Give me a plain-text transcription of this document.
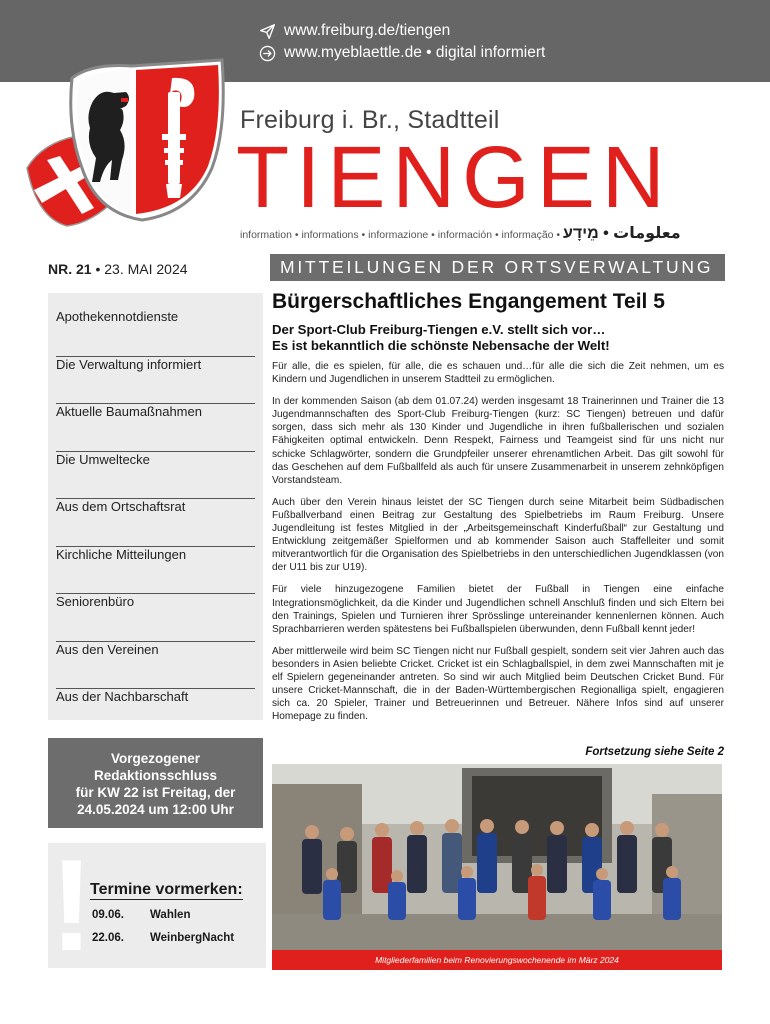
www.freiburg.de/tiengen
www.myeblaettle.de • digital informiert
Freiburg i. Br., Stadtteil
TIENGEN
information • informations • informazione • información • informação • معلومات • מֵידָע
NR. 21 • 23. MAI 2024	MITTEILUNGEN DER ORTSVERWALTUNG
Apothekennotdienste
Die Verwaltung informiert
Aktuelle Baumaßnahmen
Die Umweltecke
Aus dem Ortschaftsrat
Kirchliche Mitteilungen
Seniorenbüro
Aus den Vereinen
Aus der Nachbarschaft
Vorgezogener
Redaktionsschluss
für KW 22 ist Freitag, der
24.05.2024 um 12:00 Uhr
!
Termine vormerken:
09.06.	Wahlen
22.06.	WeinbergNacht
Bürgerschaftliches Engangement Teil 5
Der Sport-Club Freiburg-Tiengen e.V. stellt sich vor…
Es ist bekanntlich die schönste Nebensache der Welt!

Für alle, die es spielen, für alle, die es schauen und…für alle die sich die Zeit nehmen, um es Kindern und Jugendlichen in unserem Stadtteil zu ermöglichen.

In der kommenden Saison (ab dem 01.07.24) werden insgesamt 18 Trainerinnen und Trainer die 13 Jugendmannschaften des Sport-Club Freiburg-Tiengen (kurz: SC Tiengen) betreuen und dafür sorgen, dass sich mehr als 130 Kinder und Jugendliche in ihren fußballerischen und sozialen Fähigkeiten optimal entwickeln. Denn Respekt, Fairness und Teamgeist sind für uns nicht nur schicke Schlagwörter, sondern die Grundpfeiler unserer ehrenamtlichen Arbeit. Das gilt sowohl für das Geschehen auf dem Fußballfeld als auch für unsere Zusammenarbeit in unserem zehnköpfigen Vorstandsteam.

Auch über den Verein hinaus leistet der SC Tiengen durch seine Mitarbeit beim Südbadischen Fußballverband einen Beitrag zur Gestaltung des Spielbetriebs im Raum Freiburg. Unsere Jugendleitung ist festes Mitglied in der „Arbeitsgemeinschaft Kinderfußball“ zur Gestaltung und Entwicklung zeitgemäßer Spielformen und ab kommender Saison auch Staffelleiter und somit mitverantwortlich für die Organisation des Spielbetriebs in den unterschiedlichen Jugendklassen (von der U11 bis zur U19).

Für viele hinzugezogene Familien bietet der Fußball in Tiengen eine einfache Integrationsmöglichkeit, da die Kinder und Jugendlichen schnell Anschluß finden und sich Eltern bei den Trainings, Spielen und Turnieren ihrer Sprösslinge untereinander kennenlernen können. Auch Sprachbarrieren werden spätestens bei Fußballspielen überwunden, denn Fußball kennt jeder!

Aber mittlerweile wird beim SC Tiengen nicht nur Fußball gespielt, sondern seit vier Jahren auch das besonders in Asien beliebte Cricket. Cricket ist ein Schlagballspiel, in dem zwei Mannschaften mit je elf Spielern gegeneinander antreten. So sind wir auch Mitglied beim Deutschen Cricket Bund. Für unsere Cricket-Mannschaft, die in der Baden-Württembergischen Regionalliga spielt, engagieren sich ca. 20 Spieler, Trainer und Betreuerinnen und Betreuer. Nähere Infos sind auf unserer Homepage zu finden.

Fortsetzung siehe Seite 2
Mitgliederfamilien beim Renovierungswochenende im März 2024
